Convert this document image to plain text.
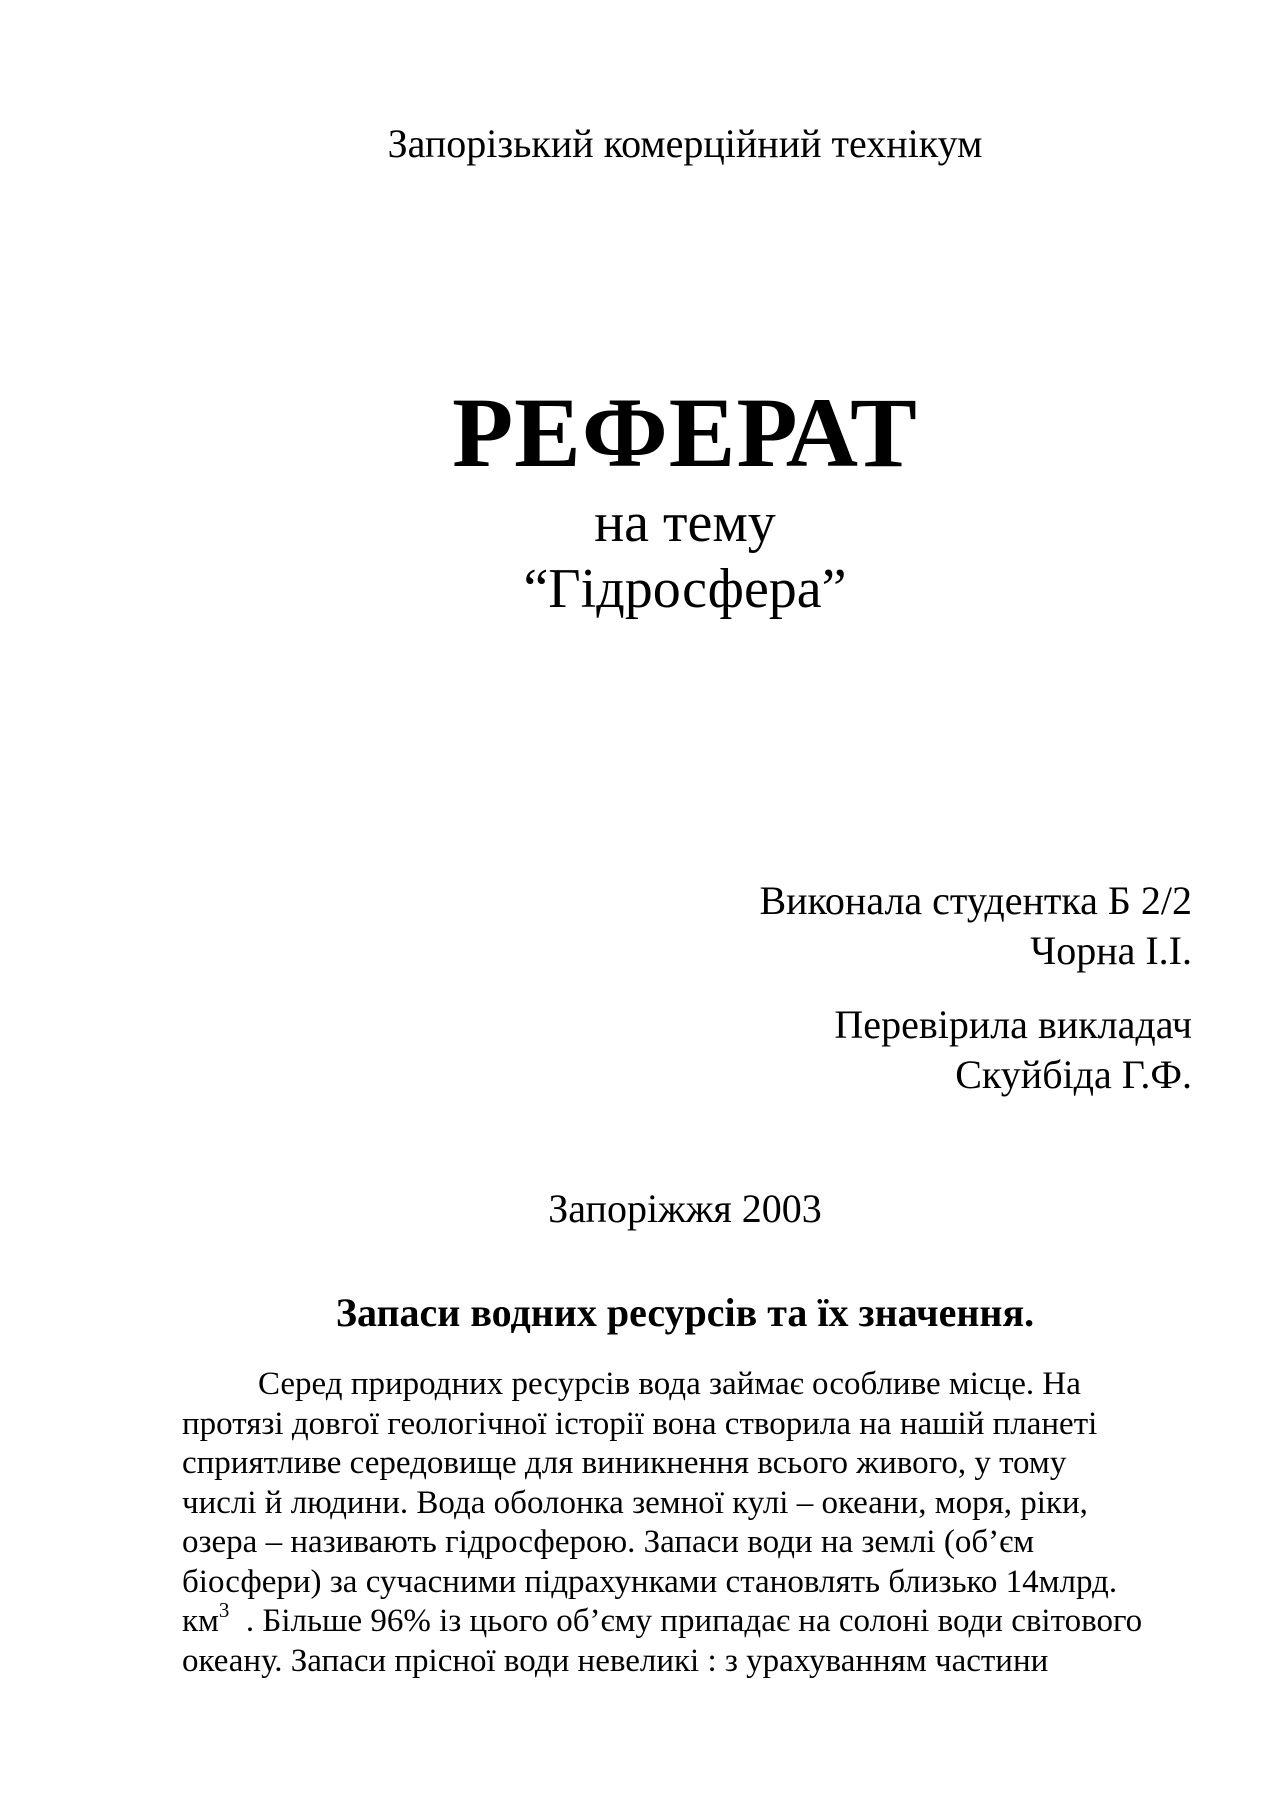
Запорізький комерційний технікум
РЕФЕРАТ
на тему
“Гідросфера”
Виконала студентка Б 2/2
Чорна І.І.
Перевірила викладач
Скуйбіда Г.Ф.
Запоріжжя 2003
Запаси водних ресурсів та їх значення.
Серед природних ресурсів вода займає особливе місце. На
протязі довгої геологічної історії вона створила на нашій планеті
сприятливе середовище для виникнення всього живого, у тому
числі й людини. Вода оболонка земної кулі – океани, моря, ріки,
озера – називають гідросферою. Запаси води на землі (об’єм
біосфери) за сучасними підрахунками становлять близько 14млрд.
$км^3$  . Більше 96% із цього об’єму припадає на солоні води світового
океану. Запаси прісної води невеликі : з урахуванням частини
